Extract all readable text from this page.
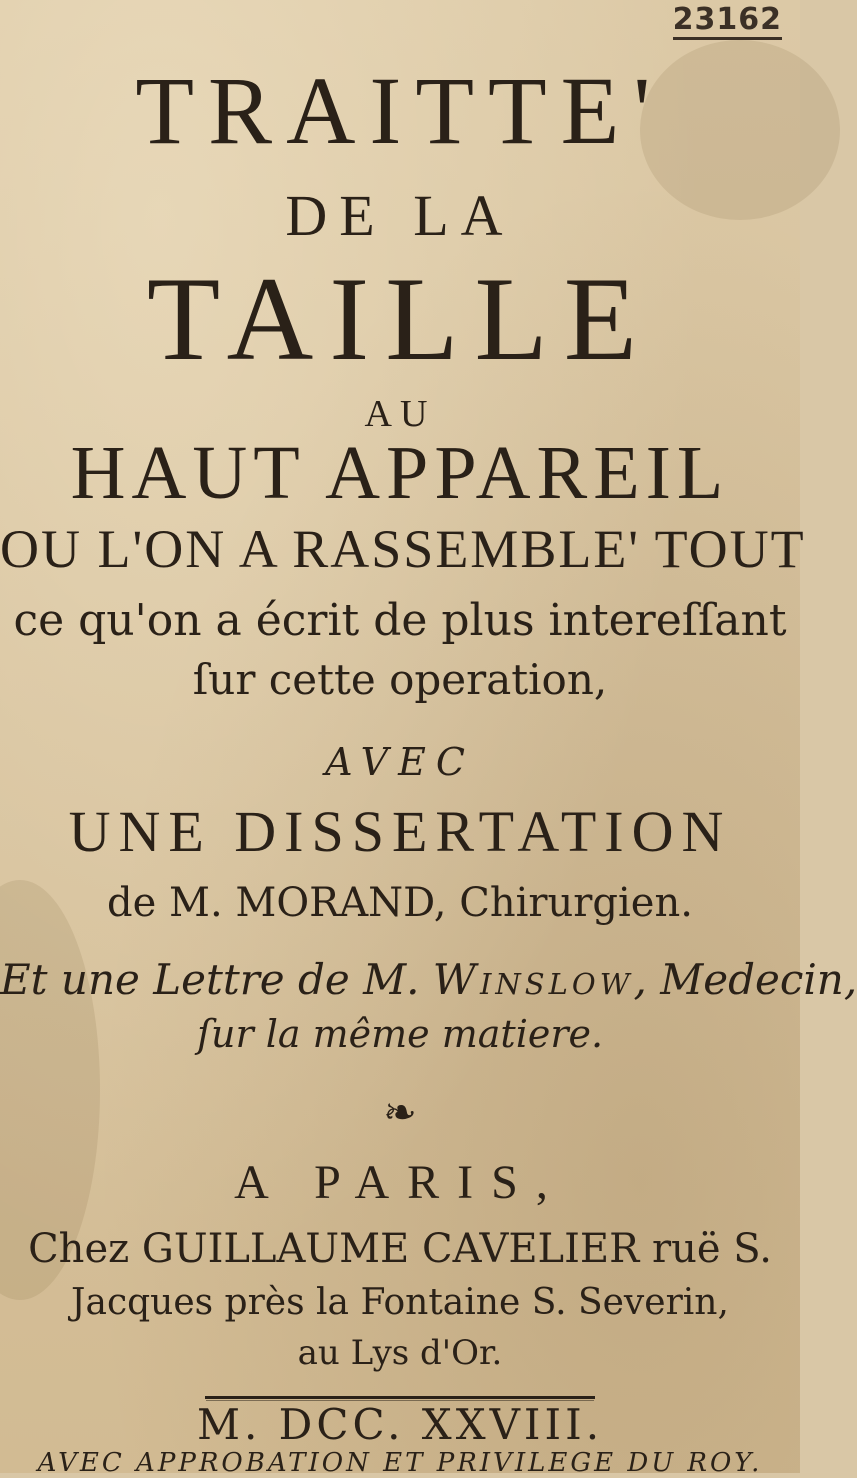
23162
TRAITTE'
DE LA
TAILLE
AU
HAUT APPAREIL
OU L'ON A RASSEMBLE' TOUT
ce qu'on a écrit de plus intereſſant
ſur cette operation,
AVEC
UNE DISSERTATION
de M. MORAND, Chirurgien.
Et une Lettre de M. Winslow, Medecin,
ſur la même matiere.
❧
A PARIS,
Chez GUILLAUME CAVELIER ruë S.
Jacques près la Fontaine S. Severin,
au Lys d'Or.
M. DCC. XXVIII.
AVEC APPROBATION ET PRIVILEGE DU ROY.
